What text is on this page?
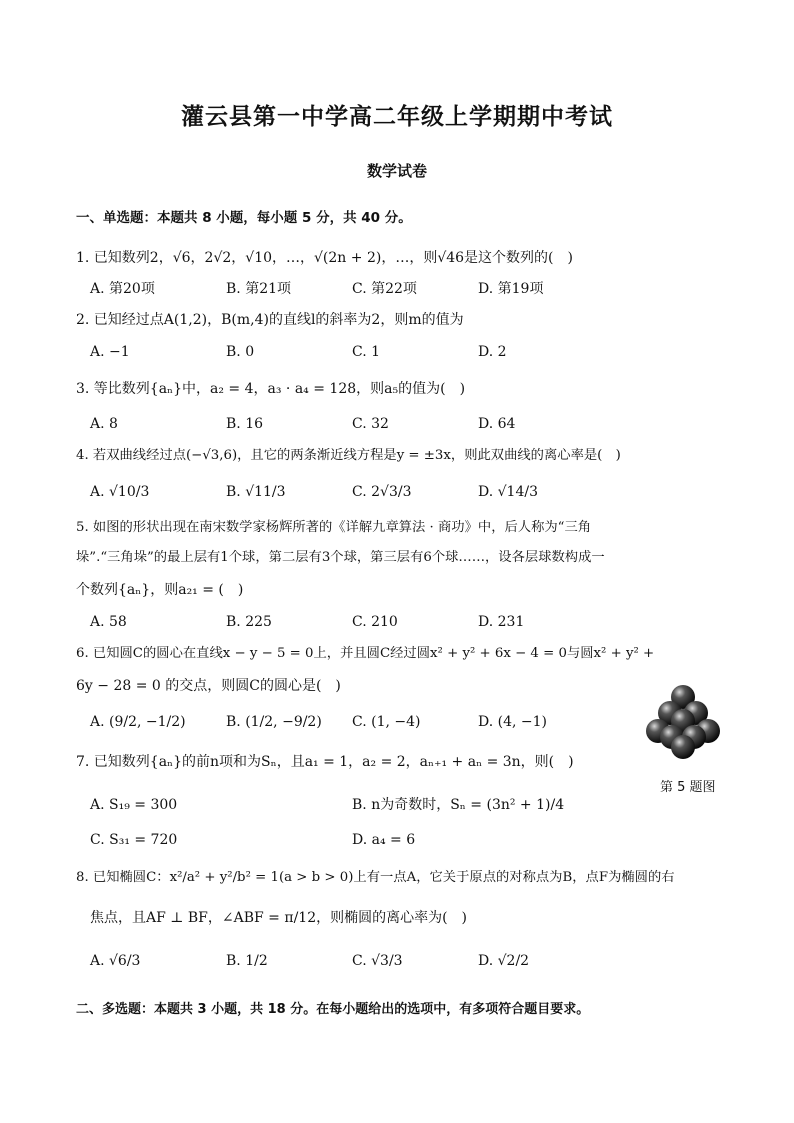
灌云县第一中学高二年级上学期期中考试
数学试卷
一、单选题：本题共 8 小题，每小题 5 分，共 40 分。
1. 已知数列2，√6，2√2，√10，…，√(2n + 2)，…，则√46是这个数列的(　)
A. 第20项	B. 第21项	C. 第22项	D. 第19项
2. 已知经过点A(1,2)，B(m,4)的直线l的斜率为2，则m的值为
A. −1	B. 0	C. 1	D. 2
3. 等比数列{aₙ}中，a₂ = 4，a₃ · a₄ = 128，则a₅的值为(　)
A. 8	B. 16	C. 32	D. 64
4. 若双曲线经过点(−√3,6)，且它的两条渐近线方程是y = ±3x，则此双曲线的离心率是(　)
A. √10/3	B. √11/3	C. 2√3/3	D. √14/3
5. 如图的形状出现在南宋数学家杨辉所著的《详解九章算法 · 商功》中，后人称为“三角
垛”.“三角垛”的最上层有1个球，第二层有3个球，第三层有6个球……，设各层球数构成一
个数列{aₙ}，则a₂₁ = (　)
A. 58	B. 225	C. 210	D. 231
6. 已知圆C的圆心在直线x − y − 5 = 0上，并且圆C经过圆x² + y² + 6x − 4 = 0与圆x² + y² +
6y − 28 = 0 的交点，则圆C的圆心是(　)
A. (9/2, −1/2)	B. (1/2, −9/2) C. (1, −4)	D. (4, −1)
第 5 题图
7. 已知数列{aₙ}的前n项和为Sₙ，且a₁ = 1，a₂ = 2，aₙ₊₁ + aₙ = 3n，则(　)
A. S₁₉ = 300	B. n为奇数时，Sₙ = (3n² + 1)/4
C. S₃₁ = 720	D. a₄ = 6
8. 已知椭圆C：x²/a² + y²/b² = 1(a > b > 0)上有一点A，它关于原点的对称点为B，点F为椭圆的右
焦点，且AF ⊥ BF，∠ABF = π/12，则椭圆的离心率为(　)
A. √6/3	B. 1/2	C. √3/3	D. √2/2
二、多选题：本题共 3 小题，共 18 分。在每小题给出的选项中，有多项符合题目要求。
